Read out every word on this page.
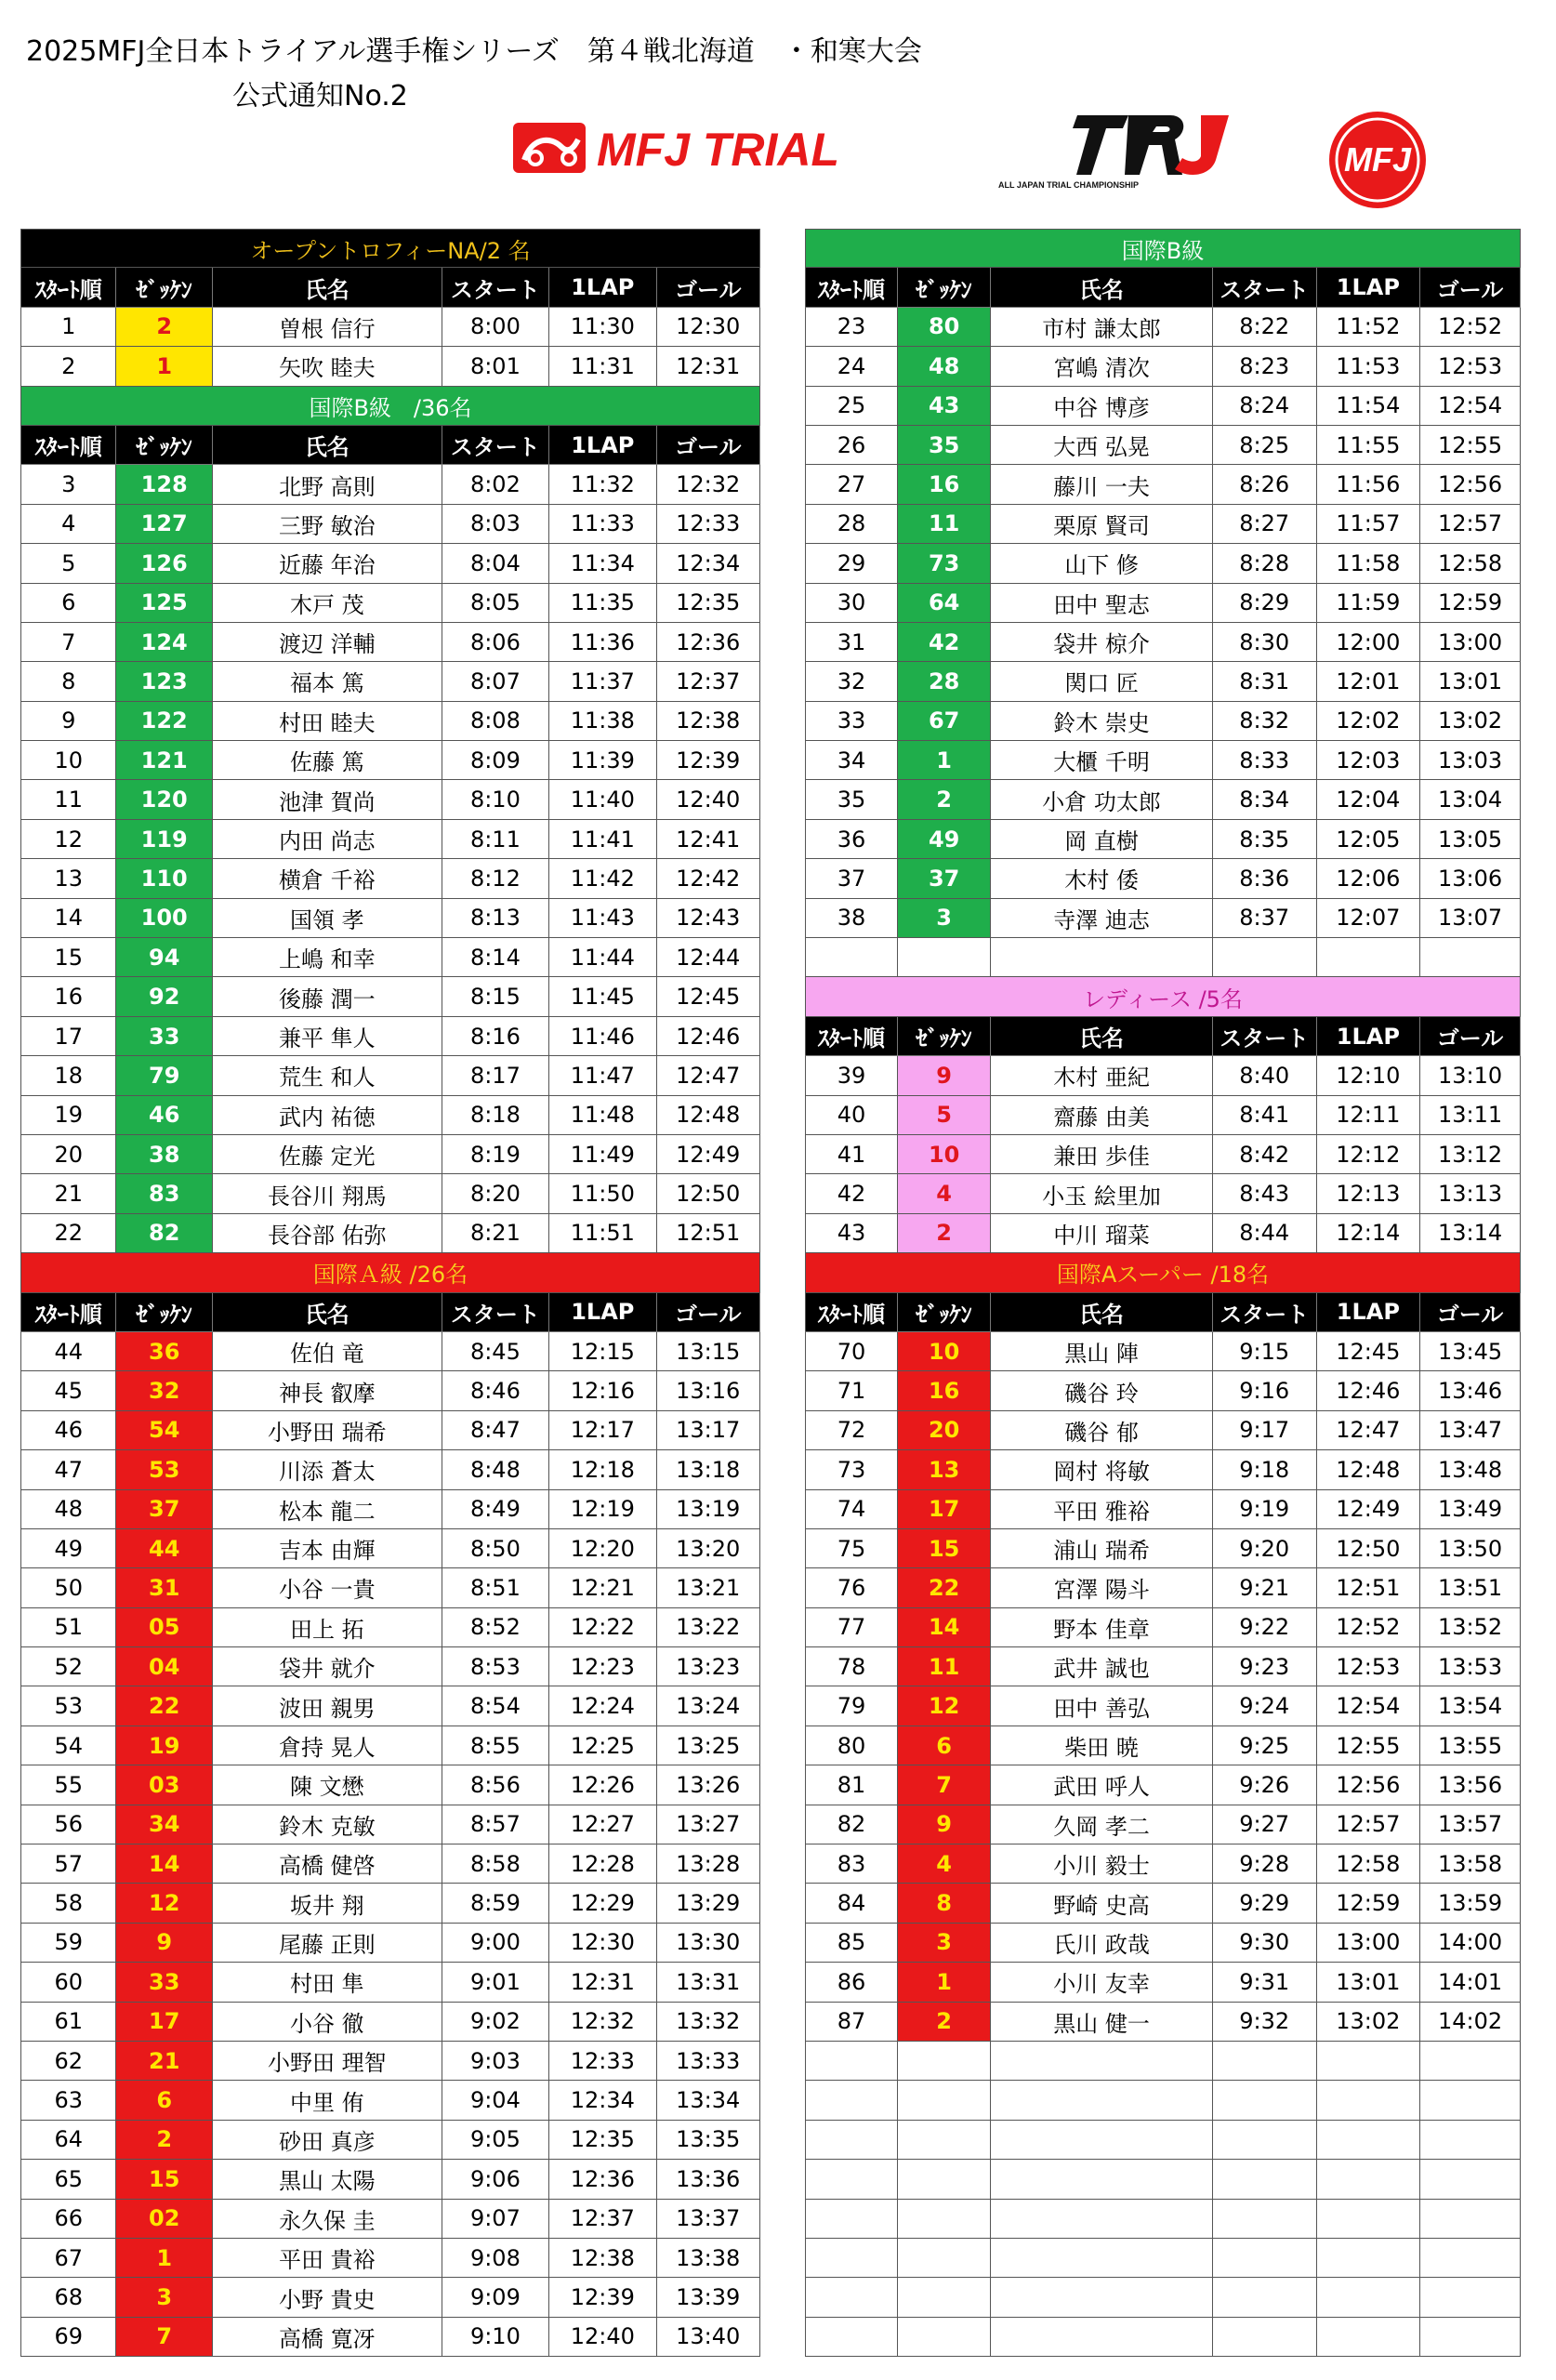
2025MFJ全日本トライアル選手権シリーズ　第４戦北海道　・和寒大会
公式通知No.2
MFJ TRIAL
ALL JAPAN TRIAL CHAMPIONSHIP
MFJ
オープントロフィーNA/2 名
ｽﾀｰﾄ順	ｾﾞｯｹﾝ	氏名	スタート	1LAP	ゴール
1	2	曽根 信行	8:00	11:30	12:30
2	1	矢吹 睦夫	8:01	11:31	12:31
国際B級　/36名
ｽﾀｰﾄ順	ｾﾞｯｹﾝ	氏名	スタート	1LAP	ゴール
3	128	北野 高則	8:02	11:32	12:32
4	127	三野 敏治	8:03	11:33	12:33
5	126	近藤 年治	8:04	11:34	12:34
6	125	木戸 茂	8:05	11:35	12:35
7	124	渡辺 洋輔	8:06	11:36	12:36
8	123	福本 篤	8:07	11:37	12:37
9	122	村田 睦夫	8:08	11:38	12:38
10	121	佐藤 篤	8:09	11:39	12:39
11	120	池津 賀尚	8:10	11:40	12:40
12	119	内田 尚志	8:11	11:41	12:41
13	110	横倉 千裕	8:12	11:42	12:42
14	100	国領 孝	8:13	11:43	12:43
15	94	上嶋 和幸	8:14	11:44	12:44
16	92	後藤 潤一	8:15	11:45	12:45
17	33	兼平 隼人	8:16	11:46	12:46
18	79	荒生 和人	8:17	11:47	12:47
19	46	武内 祐徳	8:18	11:48	12:48
20	38	佐藤 定光	8:19	11:49	12:49
21	83	長谷川 翔馬	8:20	11:50	12:50
22	82	長谷部 佑弥	8:21	11:51	12:51
国際Ａ級 /26名
ｽﾀｰﾄ順	ｾﾞｯｹﾝ	氏名	スタート	1LAP	ゴール
44	36	佐伯 竜	8:45	12:15	13:15
45	32	神長 叡摩	8:46	12:16	13:16
46	54	小野田 瑞希	8:47	12:17	13:17
47	53	川添 蒼太	8:48	12:18	13:18
48	37	松本 龍二	8:49	12:19	13:19
49	44	吉本 由輝	8:50	12:20	13:20
50	31	小谷 一貴	8:51	12:21	13:21
51	05	田上 拓	8:52	12:22	13:22
52	04	袋井 就介	8:53	12:23	13:23
53	22	波田 親男	8:54	12:24	13:24
54	19	倉持 晃人	8:55	12:25	13:25
55	03	陳 文懋	8:56	12:26	13:26
56	34	鈴木 克敏	8:57	12:27	13:27
57	14	高橋 健啓	8:58	12:28	13:28
58	12	坂井 翔	8:59	12:29	13:29
59	9	尾藤 正則	9:00	12:30	13:30
60	33	村田 隼	9:01	12:31	13:31
61	17	小谷 徹	9:02	12:32	13:32
62	21	小野田 理智	9:03	12:33	13:33
63	6	中里 侑	9:04	12:34	13:34
64	2	砂田 真彦	9:05	12:35	13:35
65	15	黒山 太陽	9:06	12:36	13:36
66	02	永久保 圭	9:07	12:37	13:37
67	1	平田 貴裕	9:08	12:38	13:38
68	3	小野 貴史	9:09	12:39	13:39
69	7	高橋 寛冴	9:10	12:40	13:40
国際B級
ｽﾀｰﾄ順	ｾﾞｯｹﾝ	氏名	スタート	1LAP	ゴール
23	80	市村 謙太郎	8:22	11:52	12:52
24	48	宮嶋 清次	8:23	11:53	12:53
25	43	中谷 博彦	8:24	11:54	12:54
26	35	大西 弘晃	8:25	11:55	12:55
27	16	藤川 一夫	8:26	11:56	12:56
28	11	栗原 賢司	8:27	11:57	12:57
29	73	山下 修	8:28	11:58	12:58
30	64	田中 聖志	8:29	11:59	12:59
31	42	袋井 椋介	8:30	12:00	13:00
32	28	関口 匠	8:31	12:01	13:01
33	67	鈴木 崇史	8:32	12:02	13:02
34	1	大櫃 千明	8:33	12:03	13:03
35	2	小倉 功太郎	8:34	12:04	13:04
36	49	岡 直樹	8:35	12:05	13:05
37	37	木村 倭	8:36	12:06	13:06
38	3	寺澤 迪志	8:37	12:07	13:07
レディース /5名
ｽﾀｰﾄ順	ｾﾞｯｹﾝ	氏名	スタート	1LAP	ゴール
39	9	木村 亜紀	8:40	12:10	13:10
40	5	齋藤 由美	8:41	12:11	13:11
41	10	兼田 歩佳	8:42	12:12	13:12
42	4	小玉 絵里加	8:43	12:13	13:13
43	2	中川 瑠菜	8:44	12:14	13:14
国際Aスーパー /18名
ｽﾀｰﾄ順	ｾﾞｯｹﾝ	氏名	スタート	1LAP	ゴール
70	10	黒山 陣	9:15	12:45	13:45
71	16	磯谷 玲	9:16	12:46	13:46
72	20	磯谷 郁	9:17	12:47	13:47
73	13	岡村 将敏	9:18	12:48	13:48
74	17	平田 雅裕	9:19	12:49	13:49
75	15	浦山 瑞希	9:20	12:50	13:50
76	22	宮澤 陽斗	9:21	12:51	13:51
77	14	野本 佳章	9:22	12:52	13:52
78	11	武井 誠也	9:23	12:53	13:53
79	12	田中 善弘	9:24	12:54	13:54
80	6	柴田 暁	9:25	12:55	13:55
81	7	武田 呼人	9:26	12:56	13:56
82	9	久岡 孝二	9:27	12:57	13:57
83	4	小川 毅士	9:28	12:58	13:58
84	8	野崎 史高	9:29	12:59	13:59
85	3	氏川 政哉	9:30	13:00	14:00
86	1	小川 友幸	9:31	13:01	14:01
87	2	黒山 健一	9:32	13:02	14:02
